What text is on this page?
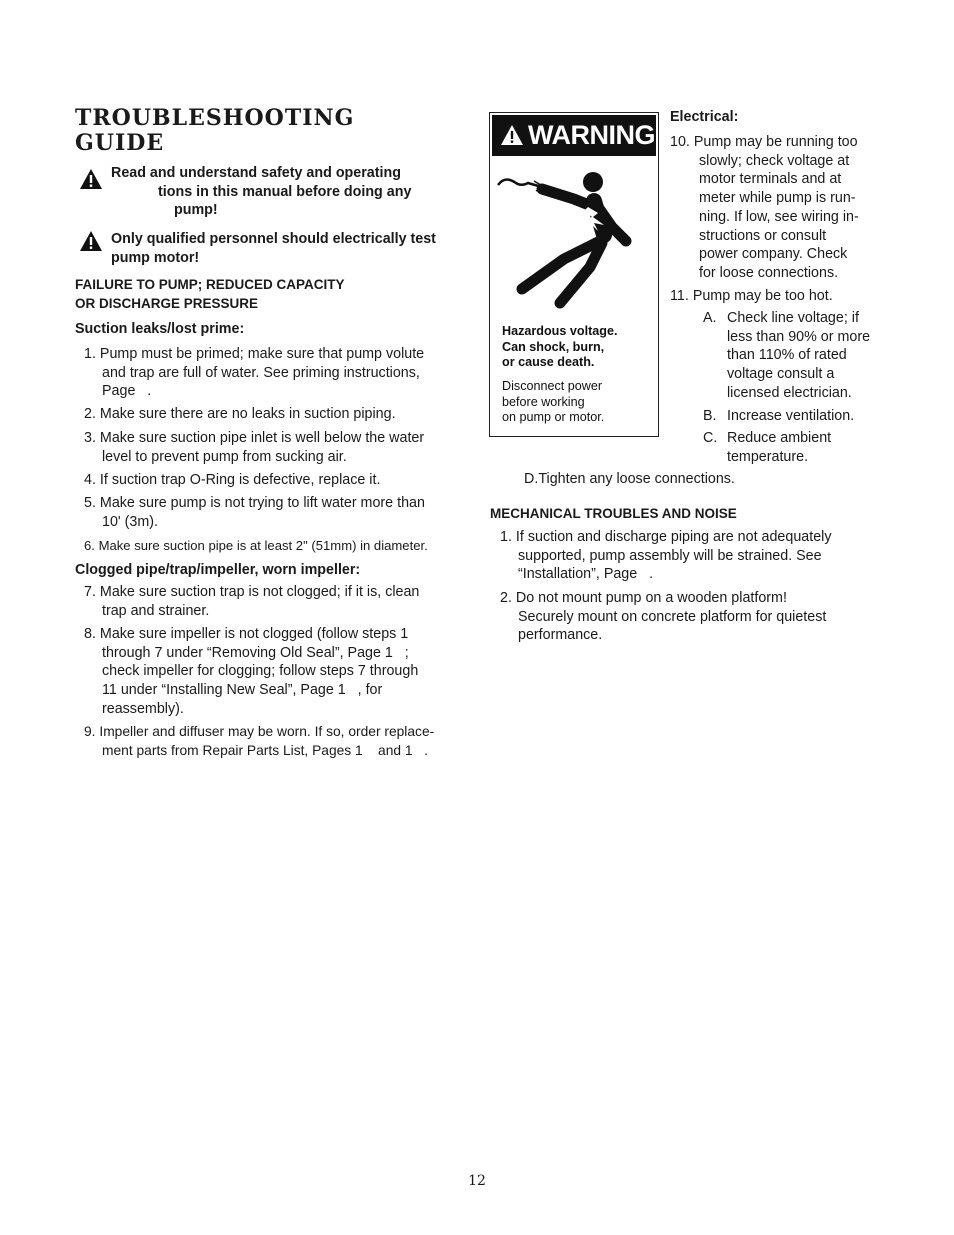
TROUBLESHOOTING
GUIDE
Read and understand safety and operating
tions in this manual before doing any
pump!
Only qualified personnel should electrically test
pump motor!
FAILURE TO PUMP; REDUCED CAPACITY
OR DISCHARGE PRESSURE
Suction leaks/lost prime:
1. Pump must be primed; make sure that pump volute
and trap are full of water. See priming instructions,
Page   .
2. Make sure there are no leaks in suction piping.
3. Make sure suction pipe inlet is well below the water
level to prevent pump from sucking air.
4. If suction trap O-Ring is defective, replace it.
5. Make sure pump is not trying to lift water more than
10' (3m).
6. Make sure suction pipe is at least 2" (51mm) in diameter.
Clogged pipe/trap/impeller, worn impeller:
7. Make sure suction trap is not clogged; if it is, clean
trap and strainer.
8. Make sure impeller is not clogged (follow steps 1
through 7 under “Removing Old Seal”, Page 1   ;
check impeller for clogging; follow steps 7 through
11 under “Installing New Seal”, Page 1   , for
reassembly).
9. Impeller and diffuser may be worn. If so, order replace-
ment parts from Repair Parts List, Pages 1    and 1   .
WARNING
Hazardous voltage.
Can shock, burn,
or cause death.
Disconnect power
before working
on pump or motor.
Electrical:
10. Pump may be running too
slowly; check voltage at
motor terminals and at
meter while pump is run-
ning. If low, see wiring in-
structions or consult
power company. Check
for loose connections.
11. Pump may be too hot.
A. Check line voltage; if
less than 90% or more
than 110% of rated
voltage consult a
licensed electrician.
B. Increase ventilation.
C. Reduce ambient
temperature.
D.Tighten any loose connections.
MECHANICAL TROUBLES AND NOISE
1. If suction and discharge piping are not adequately
supported, pump assembly will be strained. See
“Installation”, Page   .
2. Do not mount pump on a wooden platform!
Securely mount on concrete platform for quietest
performance.
12
